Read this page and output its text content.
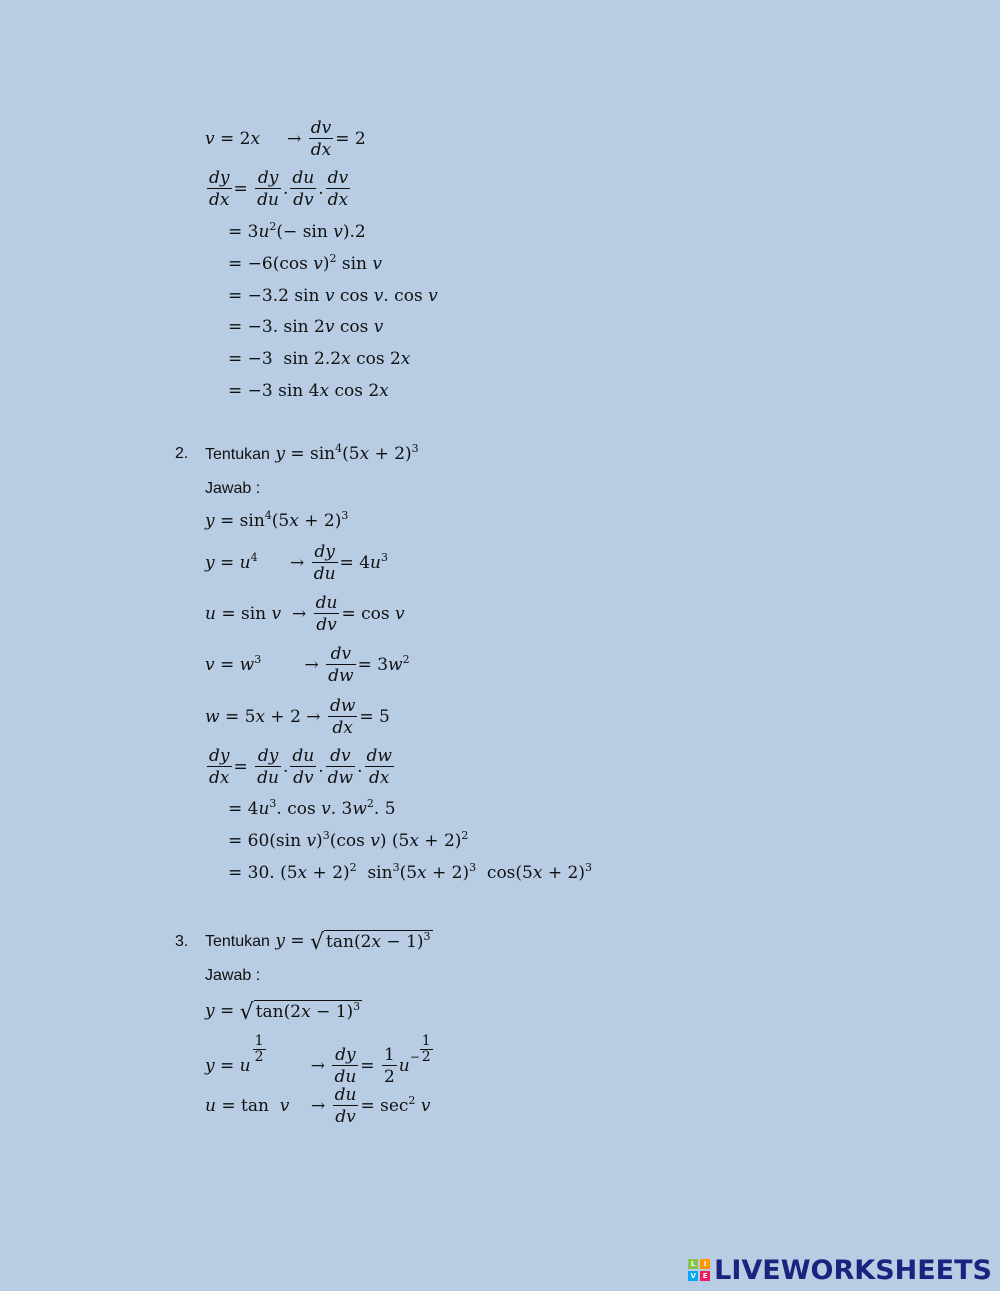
v = 2x     → $\frac{dv}{dx} = 2$
$\frac{dy}{dx} = \frac{dy}{du}$ . $\frac{du}{dv}$ . $\frac{dv}{dx}$
= $3u^2(- \sin v).2$
= −6(cos v)$^2$ sin v
= −3.2 sin v cos v. cos v
= −3. sin 2v cos v
= −3  sin 2.2x cos 2x
= −3 sin 4x cos 2x
2. Tentukan $y = \sin^4(5x + 2)^3$
Jawab :
$y = \sin^4(5x + 2)^3$
$y = u^4$      → $\frac{dy}{du} = 4u^3$
$u = \sin v \to \frac{du}{dv} = \cos v$
$v = w^3$        → $\frac{dv}{dw} = 3w^2$
$w = 5x + 2 \to \frac{dw}{dx} = 5$
$\frac{dy}{dx} = \frac{dy}{du}$ . $\frac{du}{dv}$ . $\frac{dv}{dw}$ . $\frac{dw}{dx}$
= $4u^3$. cos v. $3w^2$. 5
= 60(sin v)$^3$(cos v) $(5x + 2)^2$
= 30. $(5x + 2)^2$  $\sin^3(5x + 2)^3$  $\cos(5x + 2)^3$
3. Tentukan y = √ $\tan(2x - 1)^3$
Jawab :
y = √ $\tan(2x - 1)^3$
y = u
$\frac{1}{2}$
→ $\frac{dy}{du} = \frac{1}{2} u^- \frac{1}{2}$
u = tan  v    → $\frac{du}{dv} = \sec^2 v$
L	I
V E LIVEWORKSHEETS
